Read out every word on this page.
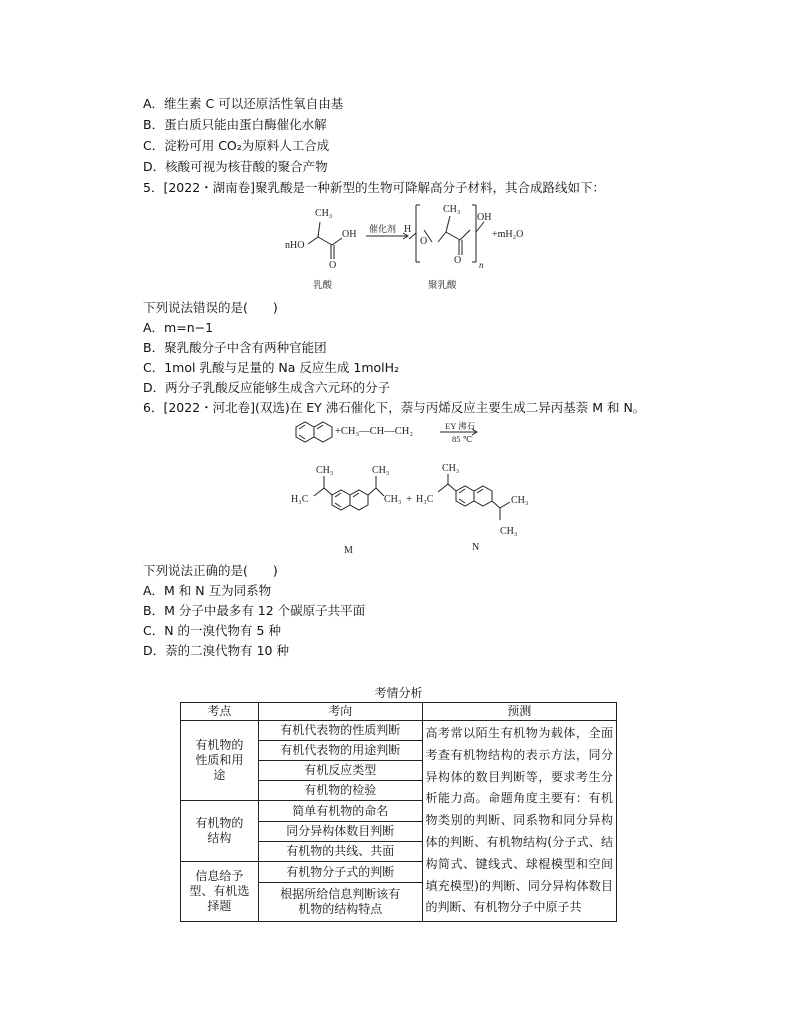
A．维生素 C 可以还原活性氧自由基
B．蛋白质只能由蛋白酶催化水解
C．淀粉可用 CO₂为原料人工合成
D．核酸可视为核苷酸的聚合产物
5．[2022・湖南卷]聚乳酸是一种新型的生物可降解高分子材料，其合成路线如下：
CH₃
nHO
OH
O
催化剂 H
O
CH₃
O
OH
n
+mH₂O
乳酸	聚乳酸
下列说法错误的是(　　)
A．m=n−1
B．聚乳酸分子中含有两种官能团
C．1mol 乳酸与足量的 Na 反应生成 1molH₂
D．两分子乳酸反应能够生成含六元环的分子
6．[2022・河北卷](双选)在 EY 沸石催化下，萘与丙烯反应主要生成二异丙基萘 M 和 N。
+CH₃—CH—CH₂	EY 沸石
85 ℃
CH₃
H₃C
CH₃
CH₃ + H₃C
CH₃
CH₃
CH₃
M	N
下列说法正确的是(　　)
A．M 和 N 互为同系物
B．M 分子中最多有 12 个碳原子共平面
C．N 的一溴代物有 5 种
D．萘的二溴代物有 10 种
考情分析
考点	考向	预测
有机物的性质和用途	有机代表物的性质判断	高考常以陌生有机物为载体，全面考查有机物结构的表示方法，同分异构体的数目判断等，要求考生分析能力高。命题角度主要有：有机物类别的判断、同系物和同分异构体的判断、有机物结构(分子式、结构简式、键线式、球棍模型和空间填充模型)的判断、同分异构体数目的判断、有机物分子中原子共
	有机代表物的用途判断	
	有机反应类型	
	有机物的检验	
有机物的结构	简单有机物的命名	
	同分异构体数目判断	
	有机物的共线、共面	
信息给予型、有机选择题	有机物分子式的判断	
	根据所给信息判断该有机物的结构特点	
